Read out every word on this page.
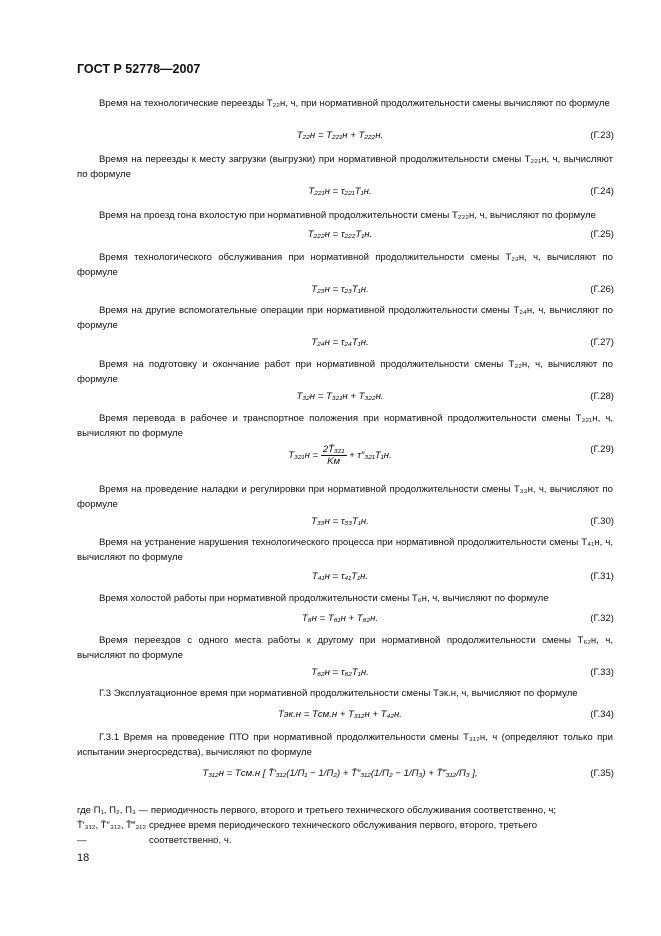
ГОСТ Р 52778—2007
Время на технологические переезды T₂₂н, ч, при нормативной продолжительности смены вычисляют по формуле
T₂₂н = T₂₂₁н + T₂₂₂н.	(Г.23)
Время на переезды к месту загрузки (выгрузки) при нормативной продолжительности смены T₂₂₁н, ч, вычисляют по формуле
T₂₂₁н = τ₂₂₁T₁н.	(Г.24)
Время на проезд гона вхолостую при нормативной продолжительности смены T₂₂₂н, ч, вычисляют по формуле
T₂₂₂н = τ₂₂₂T₁н.	(Г.25)
Время технологического обслуживания при нормативной продолжительности смены T₂₃н, ч, вычисляют по формуле
T₂₃н = τ₂₃T₁н.	(Г.26)
Время на другие вспомогательные операции при нормативной продолжительности смены T₂₄н, ч, вычисляют по формуле
T₂₄н = τ₂₄T₁н.	(Г.27)
Время на подготовку и окончание работ при нормативной продолжительности смены T₃₂н, ч, вычисляют по формуле
T₃₂н = T₃₂₁н + T₃₂₂н.	(Г.28)
Время перевода в рабочее и транспортное положения при нормативной продолжительности смены T₃₂₁н, ч, вычисляют по формуле
$T_{321}н = \frac{\text{2T̄₃₂₁}}{Kм} + \tau''_{321}T_1н$.
(Г.29)
Время на проведение наладки и регулировки при нормативной продолжительности смены T₃₃н, ч, вычисляют по формуле
T₃₃н = τ₃₃T₁н.	(Г.30)
Время на устранение нарушения технологического процесса при нормативной продолжительности смены T₄₁н, ч, вычисляют по формуле
T₄₁н = τ₄₁T₁н.	(Г.31)
Время холостой работы при нормативной продолжительности смены T₆н, ч, вычисляют по формуле
T₆н = T₆₁н + T₆₂н.	(Г.32)
Время переездов с одного места работы к другому при нормативной продолжительности смены T₆₂н, ч, вычисляют по формуле
T₆₂н = τ₆₂T₁н.	(Г.33)
Г.3 Эксплуатационное время при нормативной продолжительности смены Tэк.н, ч, вычисляют по формуле
Tэк.н = Tсм.н + T₃₁₂н + T₄₂н.	(Г.34)
Г.3.1 Время на проведение ПТО при нормативной продолжительности смены T₃₁₂н, ч (определяют только при испытании энергосредства), вычисляют по формуле
T₃₁₂н = Tсм.н [ T̄′₃₁₂(1/П₁ − 1/П₂) + T̄″₃₁₂(1/П₂ − 1/П₃) + T̄‴₃₁₂/П₃ ],	(Г.35)
где П₁, П₂, П₃ — периодичность первого, второго и третьего технического обслуживания соответственно, ч;
T̄′₃₁₂, T̄″₃₁₂, T̄‴₃₁₂ —среднее время периодического технического обслуживания первого, второго, третьего соответственно, ч.
18
